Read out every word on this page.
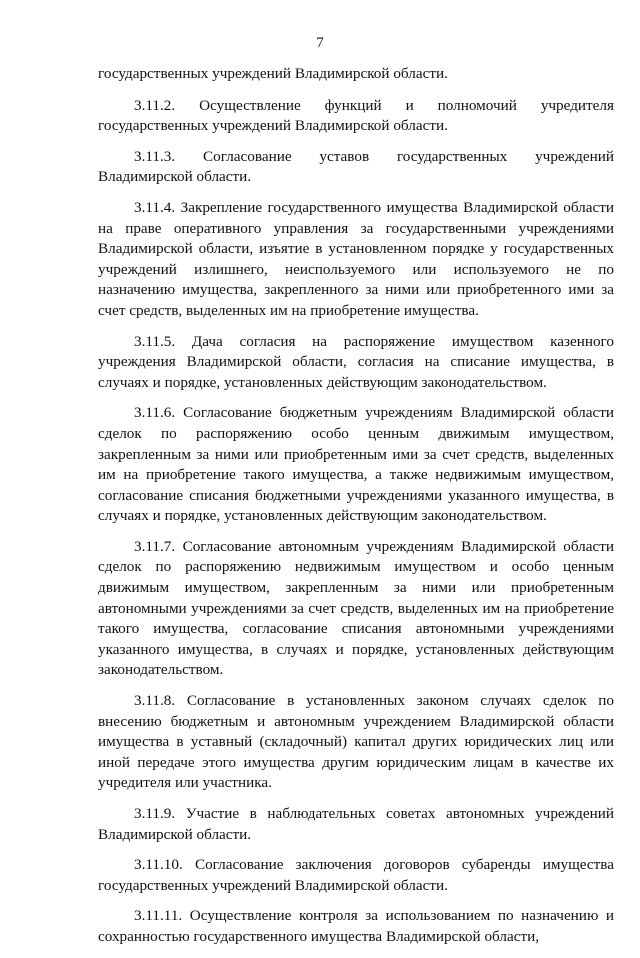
7

государственных учреждений Владимирской области.

3.11.2. Осуществление функций и полномочий учредителя государственных учреждений Владимирской области.

3.11.3. Согласование уставов государственных учреждений Владимирской области.

3.11.4. Закрепление государственного имущества Владимирской области на праве оперативного управления за государственными учреждениями Владимирской области, изъятие в установленном порядке у государственных учреждений излишнего, неиспользуемого или используемого не по назначению имущества, закрепленного за ними или приобретенного ими за счет средств, выделенных им на приобретение имущества.

3.11.5. Дача согласия на распоряжение имуществом казенного учреждения Владимирской области, согласия на списание имущества, в случаях и порядке, установленных действующим законодательством.

3.11.6. Согласование бюджетным учреждениям Владимирской области сделок по распоряжению особо ценным движимым имуществом, закрепленным за ними или приобретенным ими за счет средств, выделенных им на приобретение такого имущества, а также недвижимым имуществом, согласование списания бюджетными учреждениями указанного имущества, в случаях и порядке, установленных действующим законодательством.

3.11.7. Согласование автономным учреждениям Владимирской области сделок по распоряжению недвижимым имуществом и особо ценным движимым имуществом, закрепленным за ними или приобретенным автономными учреждениями за счет средств, выделенных им на приобретение такого имущества, согласование списания автономными учреждениями указанного имущества, в случаях и порядке, установленных действующим законодательством.

3.11.8. Согласование в установленных законом случаях сделок по внесению бюджетным и автономным учреждением Владимирской области имущества в уставный (складочный) капитал других юридических лиц или иной передаче этого имущества другим юридическим лицам в качестве их учредителя или участника.

3.11.9. Участие в наблюдательных советах автономных учреждений Владимирской области.

3.11.10. Согласование заключения договоров субаренды имущества государственных учреждений Владимирской области.

3.11.11. Осуществление контроля за использованием по назначению и сохранностью государственного имущества Владимирской области,
